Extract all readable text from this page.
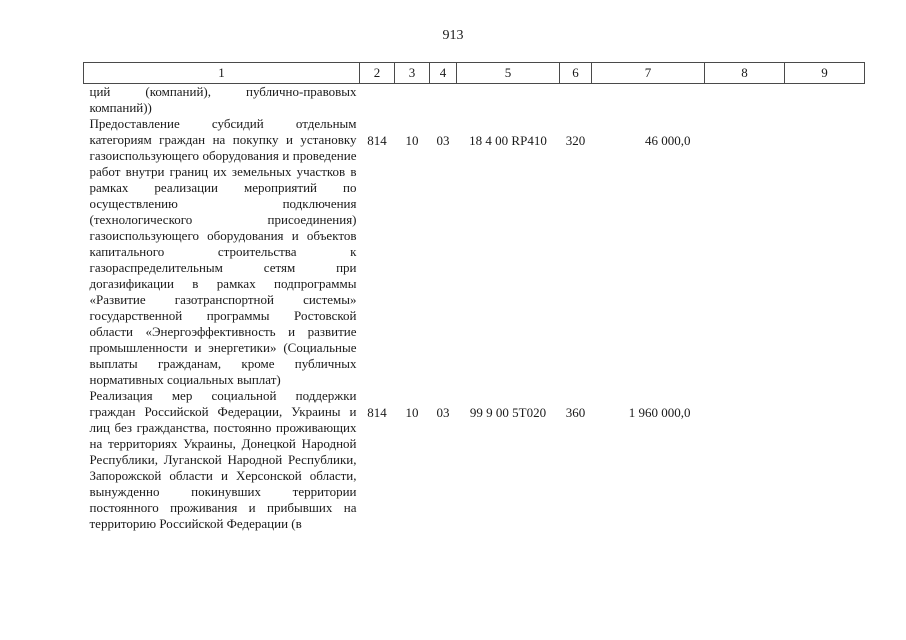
913
1	2	3	4	5	6	7	8	9
ций (компаний), публично-правовых компаний))								
Предоставление субсидий отдельным категориям граждан на покупку и установку газоиспользующего оборудования и проведение работ внутри границ их земельных участков в рамках реализации мероприятий по осуществлению подключения (технологического присоединения) газоиспользующего оборудования и объектов капитального строительства к газораспределительным сетям при догазификации в рамках подпрограммы «Развитие газотранспортной системы» государственной программы Ростовской области «Энергоэффективность и развитие промышленности и энергетики» (Социальные выплаты гражданам, кроме публичных нормативных социальных выплат)	814	10	03	18 4 00 RP410	320	46 000,0		
Реализация мер социальной поддержки граждан Российской Федерации, Украины и лиц без гражданства, постоянно проживающих на территориях Украины, Донецкой Народной Республики, Луганской Народной Республики, Запорожской области и Херсонской области, вынужденно покинувших территории постоянного проживания и прибывших на территорию Российской Федерации (в	814	10	03	99 9 00 5Т020	360	1 960 000,0		
